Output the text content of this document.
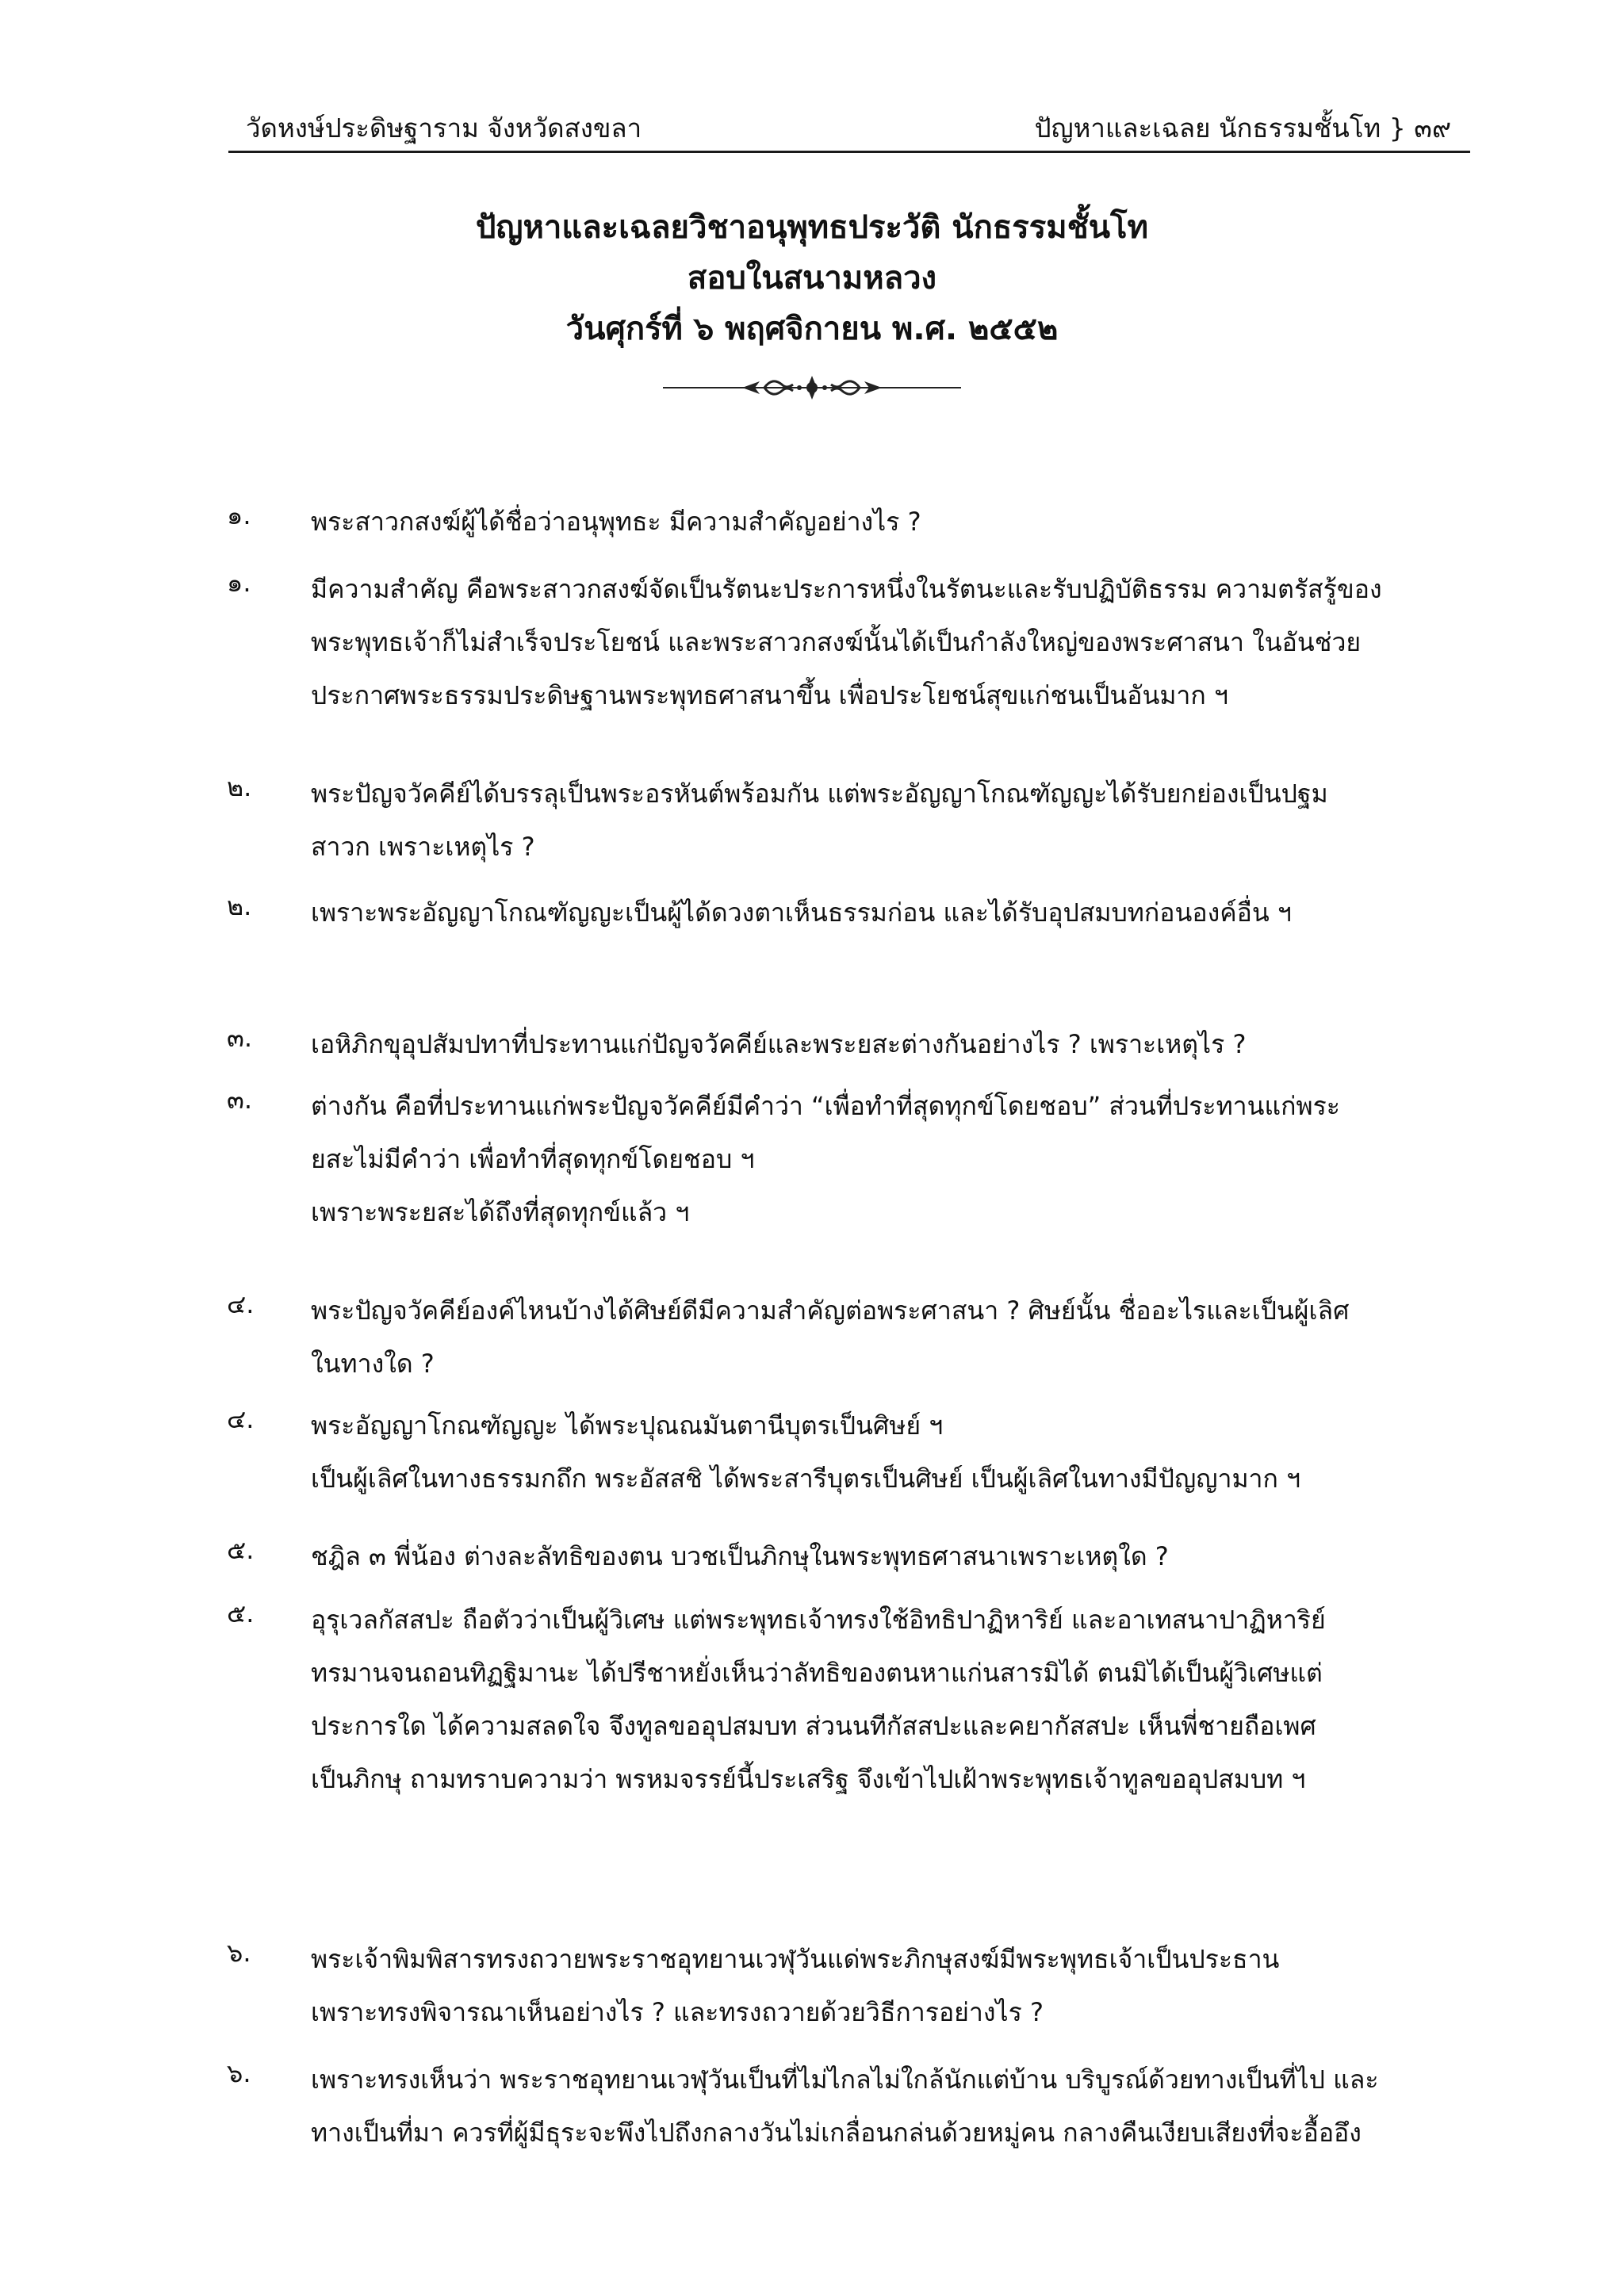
วัดหงษ์ประดิษฐาราม จังหวัดสงขลา	ปัญหาและเฉลย นักธรรมชั้นโท } ๓๙
ปัญหาและเฉลยวิชาอนุพุทธประวัติ นักธรรมชั้นโท
สอบในสนามหลวง
วันศุกร์ที่ ๖ พฤศจิกายน พ.ศ. ๒๕๕๒
๑. พระสาวกสงฆ์ผู้ได้ชื่อว่าอนุพุทธะ มีความสำคัญอย่างไร ?
๑. มีความสำคัญ คือพระสาวกสงฆ์จัดเป็นรัตนะประการหนึ่งในรัตนะและรับปฏิบัติธรรม ความตรัสรู้ของ
พระพุทธเจ้าก็ไม่สำเร็จประโยชน์ และพระสาวกสงฆ์นั้นได้เป็นกำลังใหญ่ของพระศาสนา ในอันช่วย
ประกาศพระธรรมประดิษฐานพระพุทธศาสนาขึ้น เพื่อประโยชน์สุขแก่ชนเป็นอันมาก ฯ
๒. พระปัญจวัคคีย์ได้บรรลุเป็นพระอรหันต์พร้อมกัน แต่พระอัญญาโกณฑัญญะได้รับยกย่องเป็นปฐม
สาวก เพราะเหตุไร ?
๒. เพราะพระอัญญาโกณฑัญญะเป็นผู้ได้ดวงตาเห็นธรรมก่อน และได้รับอุปสมบทก่อนองค์อื่น ฯ
๓. เอหิภิกขุอุปสัมปทาที่ประทานแก่ปัญจวัคคีย์และพระยสะต่างกันอย่างไร ? เพราะเหตุไร ?
๓. ต่างกัน คือที่ประทานแก่พระปัญจวัคคีย์มีคำว่า “เพื่อทำที่สุดทุกข์โดยชอบ” ส่วนที่ประทานแก่พระ
ยสะไม่มีคำว่า เพื่อทำที่สุดทุกข์โดยชอบ ฯ
เพราะพระยสะได้ถึงที่สุดทุกข์แล้ว ฯ
๔. พระปัญจวัคคีย์องค์ไหนบ้างได้ศิษย์ดีมีความสำคัญต่อพระศาสนา ? ศิษย์นั้น ชื่ออะไรและเป็นผู้เลิศ
ในทางใด ?
๔. พระอัญญาโกณฑัญญะ ได้พระปุณณมันตานีบุตรเป็นศิษย์ ฯ
เป็นผู้เลิศในทางธรรมกถึก พระอัสสชิ ได้พระสารีบุตรเป็นศิษย์ เป็นผู้เลิศในทางมีปัญญามาก ฯ
๕. ชฎิล ๓ พี่น้อง ต่างละลัทธิของตน บวชเป็นภิกษุในพระพุทธศาสนาเพราะเหตุใด ?
๕. อุรุเวลกัสสปะ ถือตัวว่าเป็นผู้วิเศษ แต่พระพุทธเจ้าทรงใช้อิทธิปาฏิหาริย์ และอาเทสนาปาฏิหาริย์
ทรมานจนถอนทิฏฐิมานะ ได้ปรีชาหยั่งเห็นว่าลัทธิของตนหาแก่นสารมิได้ ตนมิได้เป็นผู้วิเศษแต่
ประการใด ได้ความสลดใจ จึงทูลขออุปสมบท ส่วนนทีกัสสปะและคยากัสสปะ เห็นพี่ชายถือเพศ
เป็นภิกษุ ถามทราบความว่า พรหมจรรย์นี้ประเสริฐ จึงเข้าไปเฝ้าพระพุทธเจ้าทูลขออุปสมบท ฯ
๖. พระเจ้าพิมพิสารทรงถวายพระราชอุทยานเวฬุวันแด่พระภิกษุสงฆ์มีพระพุทธเจ้าเป็นประธาน
เพราะทรงพิจารณาเห็นอย่างไร ? และทรงถวายด้วยวิธีการอย่างไร ?
๖. เพราะทรงเห็นว่า พระราชอุทยานเวฬุวันเป็นที่ไม่ไกลไม่ใกล้นักแต่บ้าน บริบูรณ์ด้วยทางเป็นที่ไป และ
ทางเป็นที่มา ควรที่ผู้มีธุระจะพึงไปถึงกลางวันไม่เกลื่อนกล่นด้วยหมู่คน กลางคืนเงียบเสียงที่จะอื้ออึง
